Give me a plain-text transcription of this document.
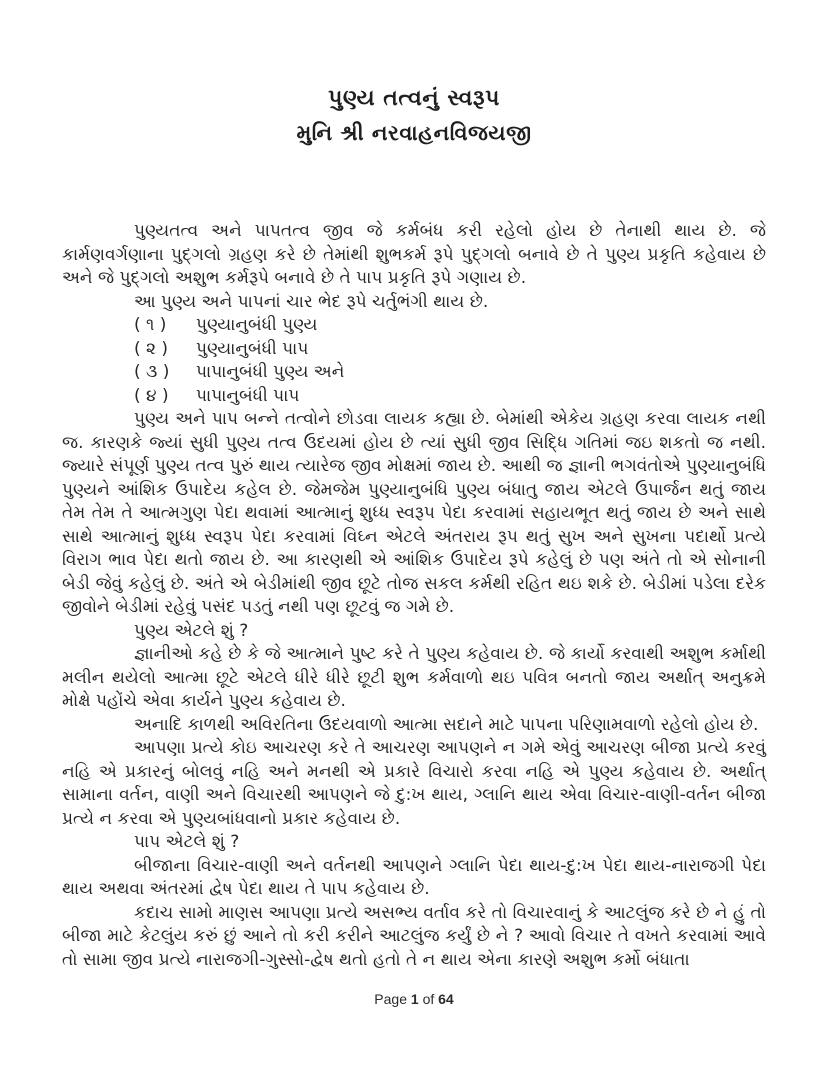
પુણ્ય તત્વનું સ્વરૂપ
મુનિ શ્રી નરવાહનવિજયજી

પુણ્યતત્વ અને પાપતત્વ જીવ જે કર્મબંધ કરી રહેલો હોય છે તેનાથી થાય છે. જે કાર્મણવર્ગણાના પુદ્ગલો ગ્રહણ કરે છે તેમાંથી શુભકર્મ રૂપે પુદ્ગલો બનાવે છે તે પુણ્ય પ્રકૃતિ કહેવાય છે અને જે પુદ્ગલો અશુભ કર્મરૂપે બનાવે છે તે પાપ પ્રકૃતિ રૂપે ગણાય છે.

આ પુણ્ય અને પાપનાં ચાર ભેદ રૂપે ચર્તુભંગી થાય છે.

( ૧ )	પુણ્યાનુબંધી પુણ્ય
( ૨ )	પુણ્યાનુબંધી પાપ
( ૩ )	પાપાનુબંધી પુણ્ય અને
( ૪ )	પાપાનુબંધી પાપ

પુણ્ય અને પાપ બન્ને તત્વોને છોડવા લાયક કહ્યા છે. બેમાંથી એકેય ગ્રહણ કરવા લાયક નથી જ. કારણકે જ્યાં સુધી પુણ્ય તત્વ ઉદયમાં હોય છે ત્યાં સુધી જીવ સિદ્ધિ ગતિમાં જઇ શકતો જ નથી. જ્યારે સંપૂર્ણ પુણ્ય તત્વ પુરું થાય ત્યારેજ જીવ મોક્ષમાં જાય છે. આથી જ જ્ઞાની ભગવંતોએ પુણ્યાનુબંધિ પુણ્યને આંશિક ઉપાદેય કહેલ છે. જેમજેમ પુણ્યાનુબંધિ પુણ્ય બંધાતુ જાય એટલે ઉપાર્જન થતું જાય તેમ તેમ તે આત્મગુણ પેદા થવામાં આત્માનું શુધ્ધ સ્વરૂપ પેદા કરવામાં સહાયભૂત થતું જાય છે અને સાથે સાથે આત્માનું શુધ્ધ સ્વરૂપ પેદા કરવામાં વિઘ્ન એટલે અંતરાય રૂપ થતું સુખ અને સુખના પદાર્થો પ્રત્યે વિરાગ ભાવ પેદા થતો જાય છે. આ કારણથી એ આંશિક ઉપાદેય રૂપે કહેલું છે પણ અંતે તો એ સોનાની બેડી જેવું કહેલું છે. અંતે એ બેડીમાંથી જીવ છૂટે તોજ સકલ કર્મથી રહિત થઇ શકે છે. બેડીમાં પડેલા દરેક જીવોને બેડીમાં રહેવું પસંદ પડતું નથી પણ છૂટવું જ ગમે છે.

પુણ્ય એટલે શું ?

જ્ઞાનીઓ કહે છે કે જે આત્માને પુષ્ટ કરે તે પુણ્ય કહેવાય છે. જે કાર્યો કરવાથી અશુભ કર્માથી મલીન થયેલો આત્મા છૂટે એટલે ધીરે ધીરે છૂટી શુભ કર્મવાળો થઇ પવિત્ર બનતો જાય અર્થાત્ અનુક્રમે મોક્ષે પહોંચે એવા કાર્યને પુણ્ય કહેવાય છે.

અનાદિ કાળથી અવિરતિના ઉદયવાળો આત્મા સદાને માટે પાપના પરિણામવાળો રહેલો હોય છે.

આપણા પ્રત્યે કોઇ આચરણ કરે તે આચરણ આપણને ન ગમે એવું આચરણ બીજા પ્રત્યે કરવું નહિ એ પ્રકારનું બોલવું નહિ અને મનથી એ પ્રકારે વિચારો કરવા નહિ એ પુણ્ય કહેવાય છે. અર્થાત્ સામાના વર્તન, વાણી અને વિચારથી આપણને જે દુ:ખ થાય, ગ્લાનિ થાય એવા વિચાર-વાણી-વર્તન બીજા પ્રત્યે ન કરવા એ પુણ્યબાંધવાનો પ્રકાર કહેવાય છે.

પાપ એટલે શું ?

બીજાના વિચાર-વાણી અને વર્તનથી આપણને ગ્લાનિ પેદા થાય-દુ:ખ પેદા થાય-નારાજગી પેદા થાય અથવા અંતરમાં દ્વેષ પેદા થાય તે પાપ કહેવાય છે.

કદાચ સામો માણસ આપણા પ્રત્યે અસભ્ય વર્તાવ કરે તો વિચારવાનું કે આટલુંજ કરે છે ને હું તો બીજા માટે કેટલુંય કરું છું આને તો કરી કરીને આટલુંજ કર્યું છે ને ? આવો વિચાર તે વખતે કરવામાં આવે તો સામા જીવ પ્રત્યે નારાજગી-ગુસ્સો-દ્વેષ થતો હતો તે ન થાય એના કારણે અશુભ કર્મો બંધાતા

Page 1 of 64
